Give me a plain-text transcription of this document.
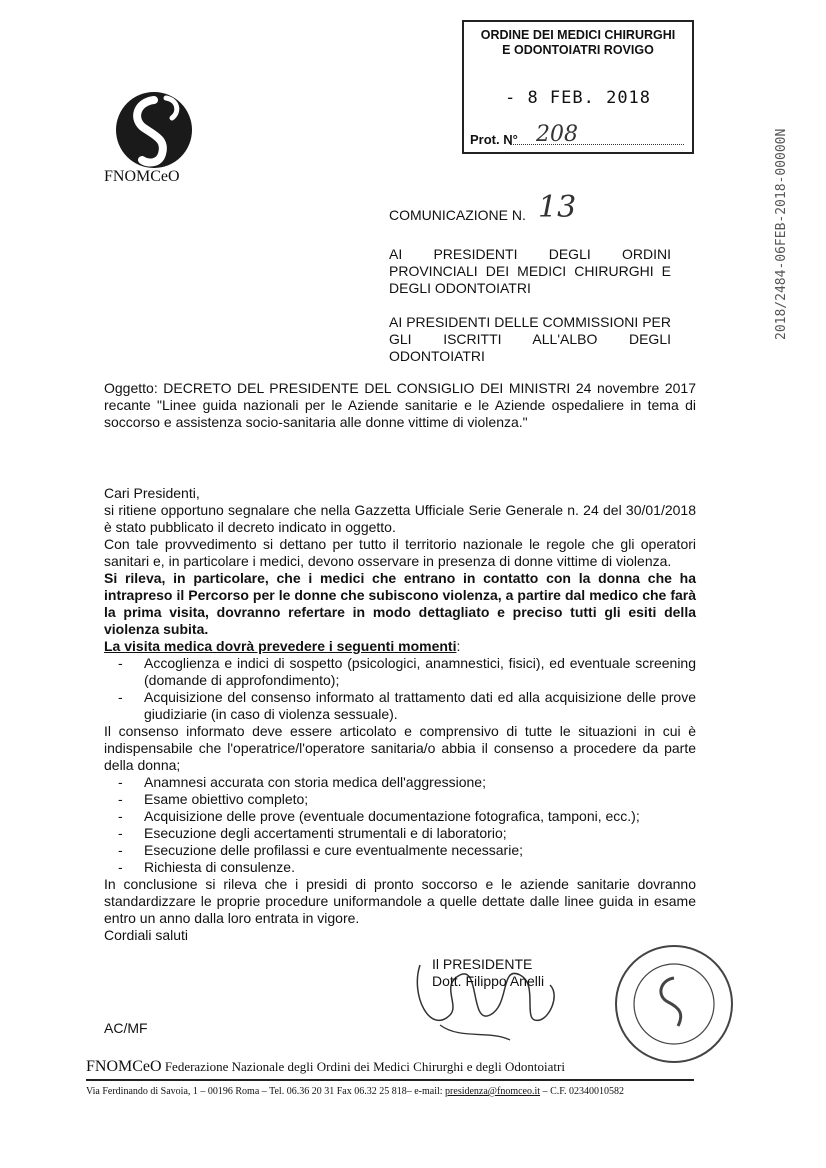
ORDINE DEI MEDICI CHIRURGHI
E ODONTOIATRI ROVIGO
- 8 FEB. 2018
Prot. N° 208	2018/2484-06FEB-2018-00000N
FNOMCeO
COMUNICAZIONE N. 13

AI PRESIDENTI DEGLI ORDINI PROVINCIALI DEI MEDICI CHIRURGHI E DEGLI ODONTOIATRI

AI PRESIDENTI DELLE COMMISSIONI PER GLI ISCRITTI ALL'ALBO DEGLI ODONTOIATRI

Oggetto: DECRETO DEL PRESIDENTE DEL CONSIGLIO DEI MINISTRI 24 novembre 2017 recante "Linee guida nazionali per le Aziende sanitarie e le Aziende ospedaliere in tema di soccorso e assistenza socio-sanitaria alle donne vittime di violenza."

Cari Presidenti,

si ritiene opportuno segnalare che nella Gazzetta Ufficiale Serie Generale n. 24 del 30/01/2018 è stato pubblicato il decreto indicato in oggetto.

Con tale provvedimento si dettano per tutto il territorio nazionale le regole che gli operatori sanitari e, in particolare i medici, devono osservare in presenza di donne vittime di violenza.

Si rileva, in particolare, che i medici che entrano in contatto con la donna che ha intrapreso il Percorso per le donne che subiscono violenza, a partire dal medico che farà la prima visita, dovranno refertare in modo dettagliato e preciso tutti gli esiti della violenza subita.

La visita medica dovrà prevedere i seguenti momenti:

- Accoglienza e indici di sospetto (psicologici, anamnestici, fisici), ed eventuale screening (domande di approfondimento);
- Acquisizione del consenso informato al trattamento dati ed alla acquisizione delle prove giudiziarie (in caso di violenza sessuale).

Il consenso informato deve essere articolato e comprensivo di tutte le situazioni in cui è indispensabile che l'operatrice/l'operatore sanitaria/o abbia il consenso a procedere da parte della donna;

- Anamnesi accurata con storia medica dell'aggressione;
- Esame obiettivo completo;
- Acquisizione delle prove (eventuale documentazione fotografica, tamponi, ecc.);
- Esecuzione degli accertamenti strumentali e di laboratorio;
- Esecuzione delle profilassi e cure eventualmente necessarie;
- Richiesta di consulenze.

In conclusione si rileva che i presidi di pronto soccorso e le aziende sanitarie dovranno standardizzare le proprie procedure uniformandole a quelle dettate dalle linee guida in esame entro un anno dalla loro entrata in vigore.

Cordiali saluti

Il PRESIDENTE
Dott. Filippo Anelli
AC/MF
FNOMCeO Federazione Nazionale degli Ordini dei Medici Chirurghi e degli Odontoiatri
Via Ferdinando di Savoia, 1 – 00196 Roma – Tel. 06.36 20 31 Fax 06.32 25 818– e-mail: presidenza@fnomceo.it – C.F. 02340010582
